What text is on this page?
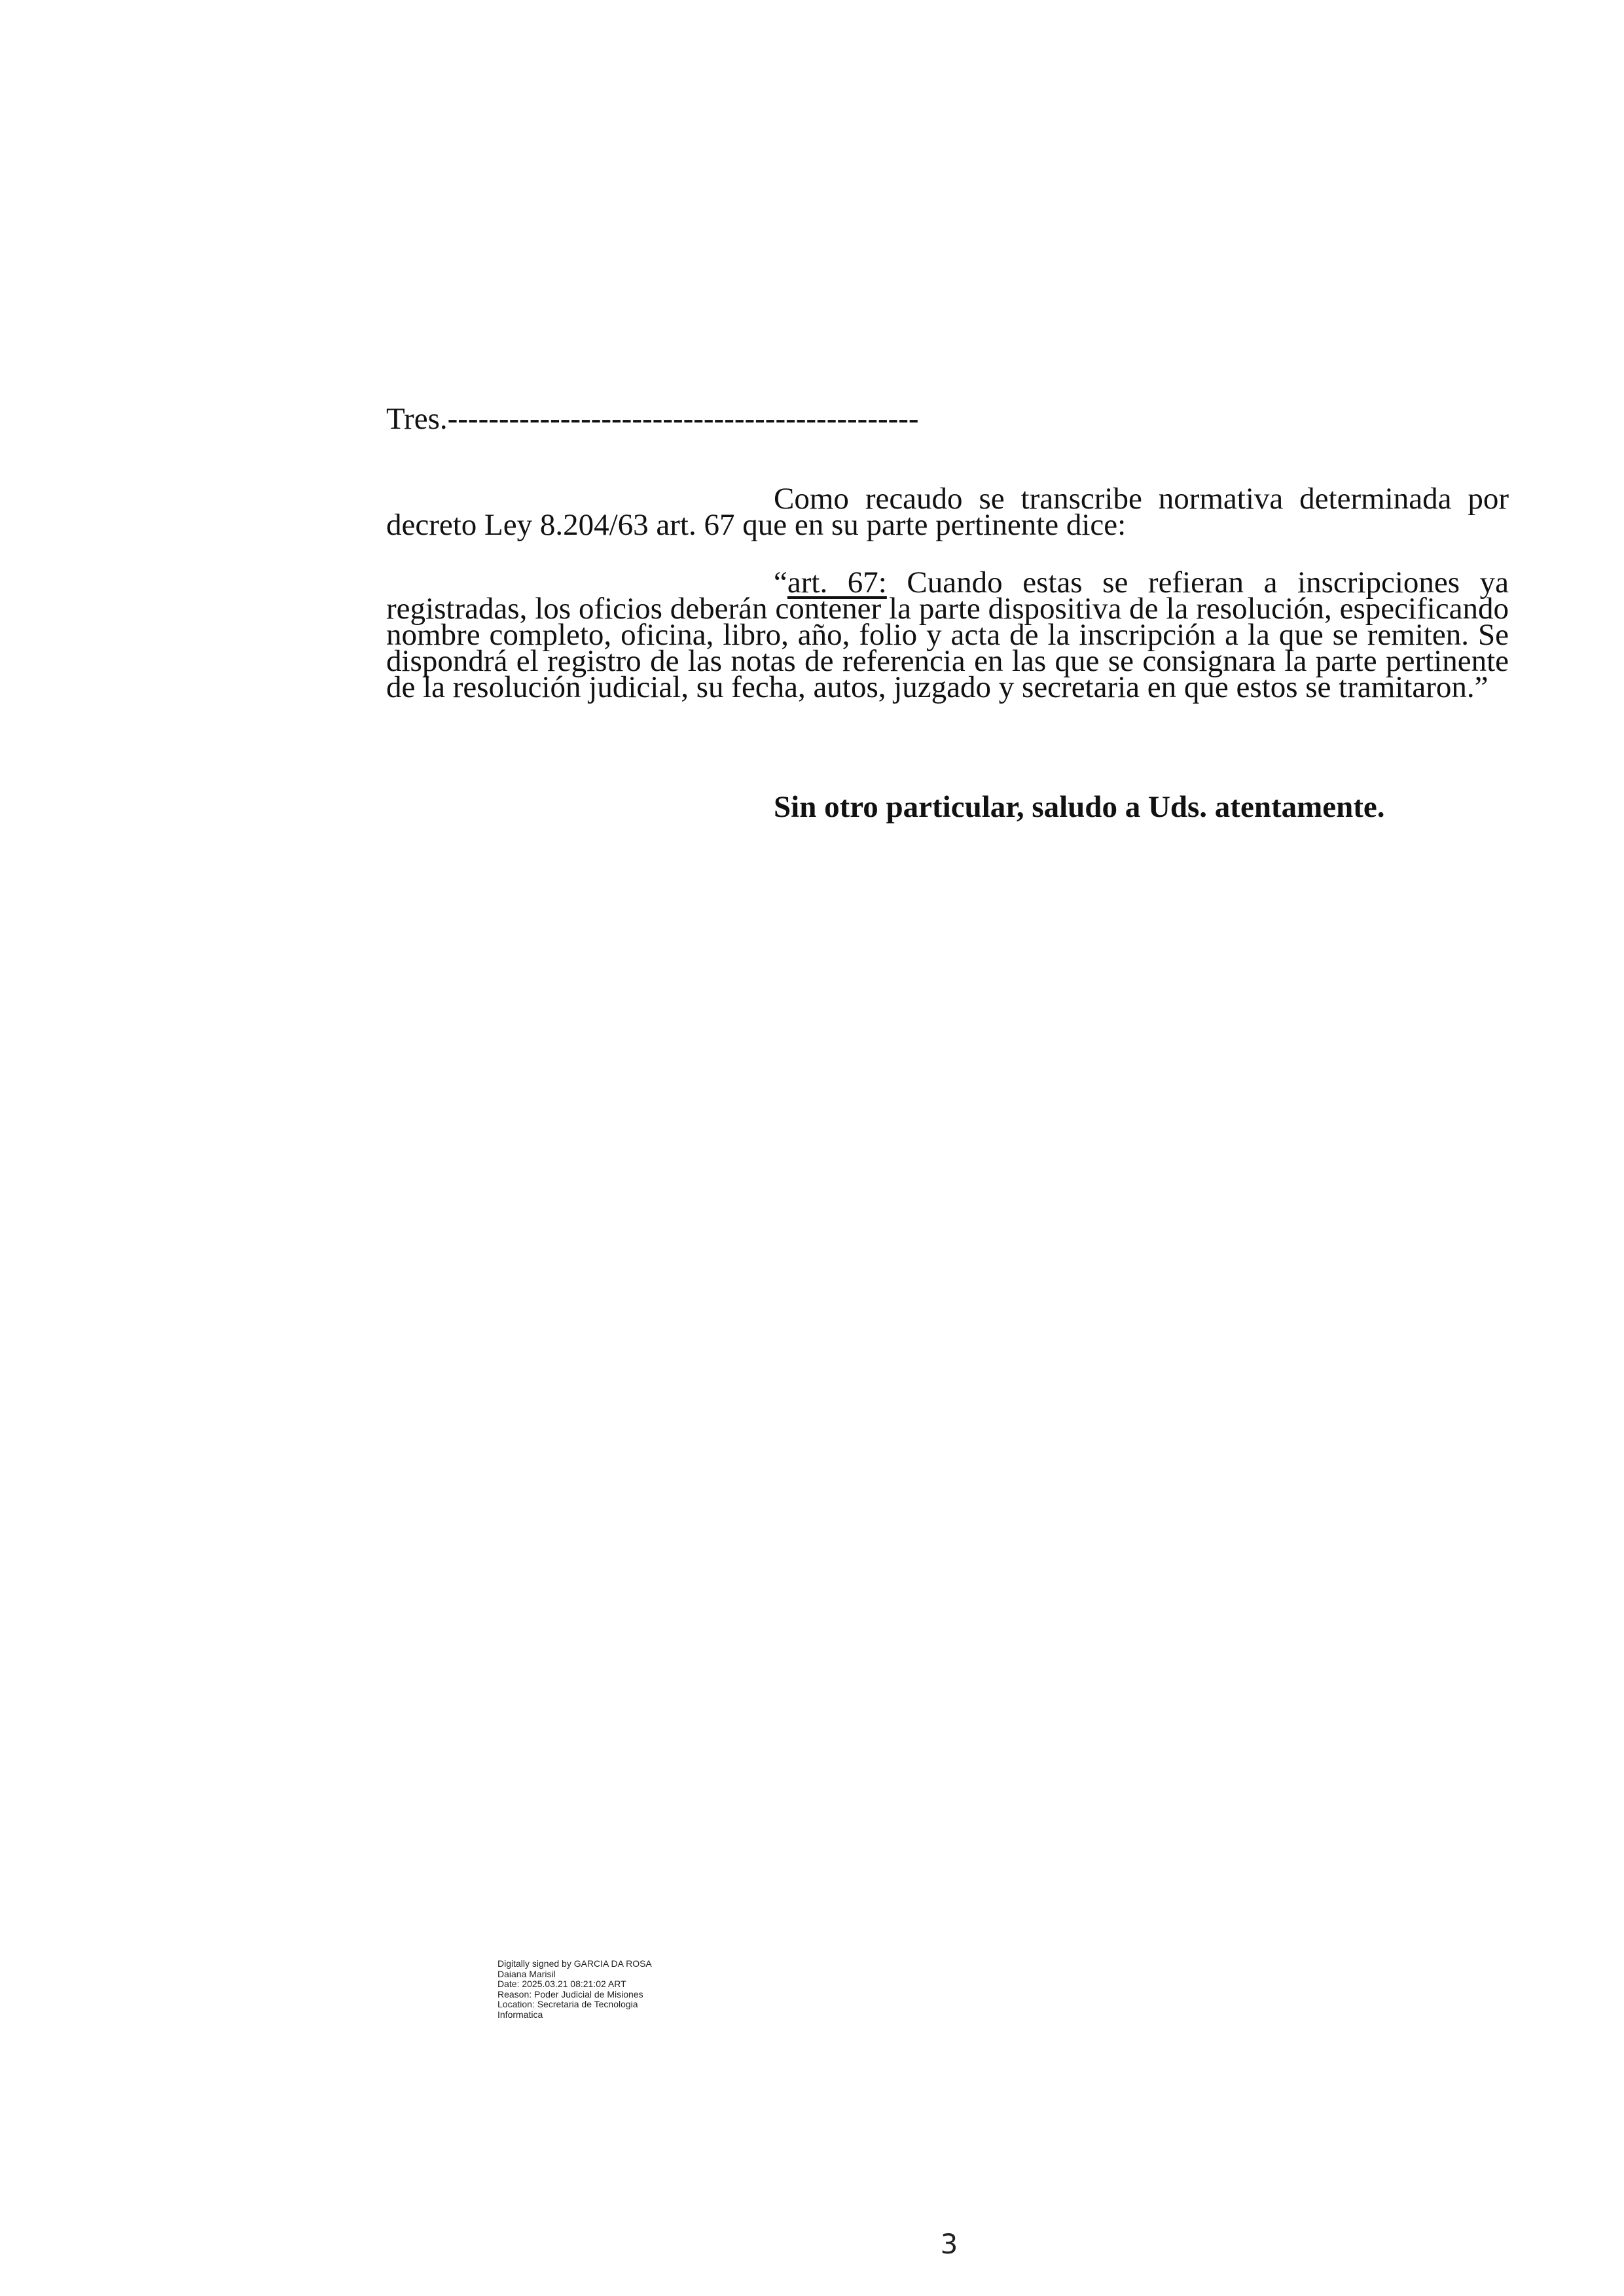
Tres.----------------------------------------------

Como recaudo se transcribe normativa determinada por decreto Ley 8.204/63 art. 67 que en su parte pertinente dice:

“art. 67: Cuando estas se refieran a inscripciones ya registradas, los oficios deberán contener la parte dispositiva de la resolución, especificando nombre completo, oficina, libro, año, folio y acta de la inscripción a la que se remiten. Se dispondrá el registro de las notas de referencia en las que se consignara la parte pertinente de la resolución judicial, su fecha, autos, juzgado y secretaria en que estos se tramitaron.”

Sin otro particular, saludo a Uds. atentamente.
Digitally signed by GARCIA DA ROSA
Daiana Marisil
Date: 2025.03.21 08:21:02 ART
Reason: Poder Judicial de Misiones
Location: Secretaria de Tecnologia
Informatica
3
